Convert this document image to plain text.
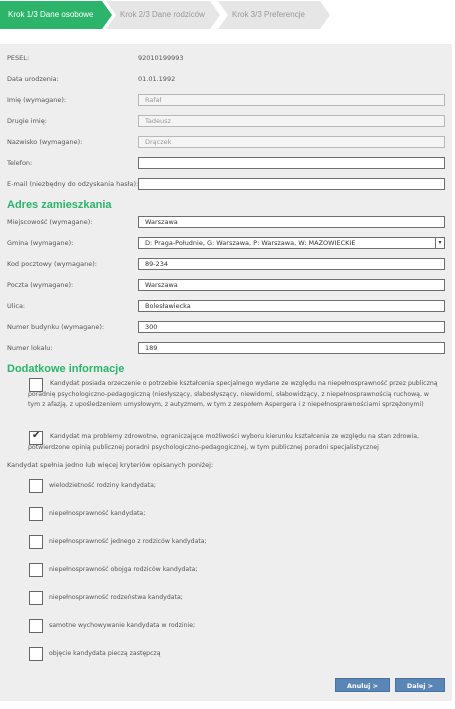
Krok 1/3 Dane osobowe	Krok 2/3 Dane rodziców	Krok 3/3 Preferencje
PESEL:	92010199993
Data urodzenia:	01.01.1992
Imię (wymagane):	Rafał
Drugie imię:	Tadeusz
Nazwisko (wymagane):	Drączek
Telefon:
E-mail (niezbędny do odzyskania hasła):
Adres zamieszkania
Miejscowość (wymagane):	Warszawa
Gmina (wymagane):	D: Praga-Południe, G: Warszawa, P: Warszawa, W: MAZOWIECKIE	▾
Kod pocztowy (wymagane):	89-234
Poczta (wymagane):	Warszawa
Ulica:	Bolesławiecka
Numer budynku (wymagane):	300
Numer lokalu:	189
Dodatkowe informacje
Kandydat posiada orzeczenie o potrzebie kształcenia specjalnego wydane ze względu na niepełnosprawność przez publiczną poradnię psychologiczno-pedagogiczną (niesłyszący, słabosłyszący, niewidomi, słabowidzący, z niepełnosprawnością ruchową, w tym z afazją, z upośledzeniem umysłowym, z autyzmem, w tym z zespołem Aspergera i z niepełnosprawnościami sprzężonymi)
✔	Kandydat ma problemy zdrowotne, ograniczające możliwości wyboru kierunku kształcenia ze względu na stan zdrowia, potwierdzone opinią publicznej poradni psychologiczno-pedagogicznej, w tym publicznej poradni specjalistycznej
Kandydat spełnia jedno lub więcej kryteriów opisanych poniżej:
wielodzietność rodziny kandydata;
niepełnosprawność kandydata;
niepełnosprawność jednego z rodziców kandydata;
niepełnosprawność obojga rodziców kandydata;
niepełnosprawność rodzeństwa kandydata;
samotne wychowywanie kandydata w rodzinie;
objęcie kandydata pieczą zastępczą
Anuluj >	Dalej >
